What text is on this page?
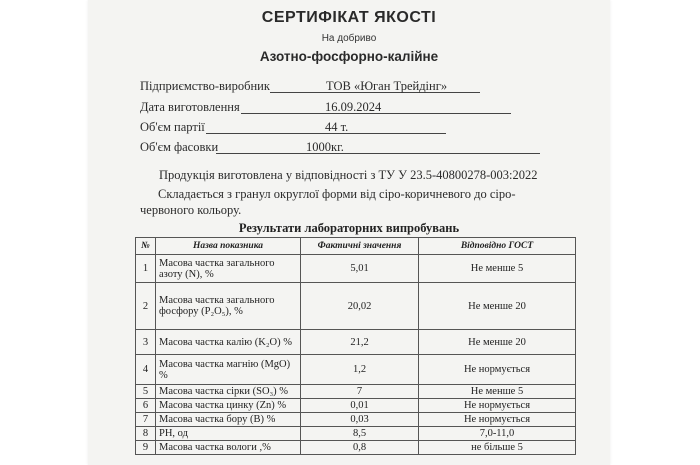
СЕРТИФІКАТ ЯКОСТІ
На добриво
Азотно-фосфорно-калійне
Підприємство-виробник	ТОВ «Юган Трейдінг»
Дата виготовлення	16.09.2024
Об'єм партії	44 т.
Об'єм фасовки	1000кг.
Продукція виготовлена у відповідності з ТУ У 23.5-40800278-003:2022
Складається з гранул округлої форми від сіро-коричневого до сіро-червоного кольору.
Результати лабораторних випробувань
№	Назва показника	Фактичні значення	Відповідно ГОСТ
1	Масова частка загального азоту (N), %	5,01	Не менше 5
2	Масова частка загального фосфору (P₂O₅), %	20,02	Не менше 20
3	Масова частка калію (K₂O) %	21,2	Не менше 20
4	Масова частка магнію (MgO) %	1,2	Не нормується
5	Масова частка сірки (SO₃) %	7	Не менше 5
6	Масова частка цинку (Zn) %	0,01	Не нормується
7	Масова частка бору (B) %	0,03	Не нормується
8	PH, од	8,5	7,0-11,0
9	Масова частка вологи ,%	0,8	не більше 5
